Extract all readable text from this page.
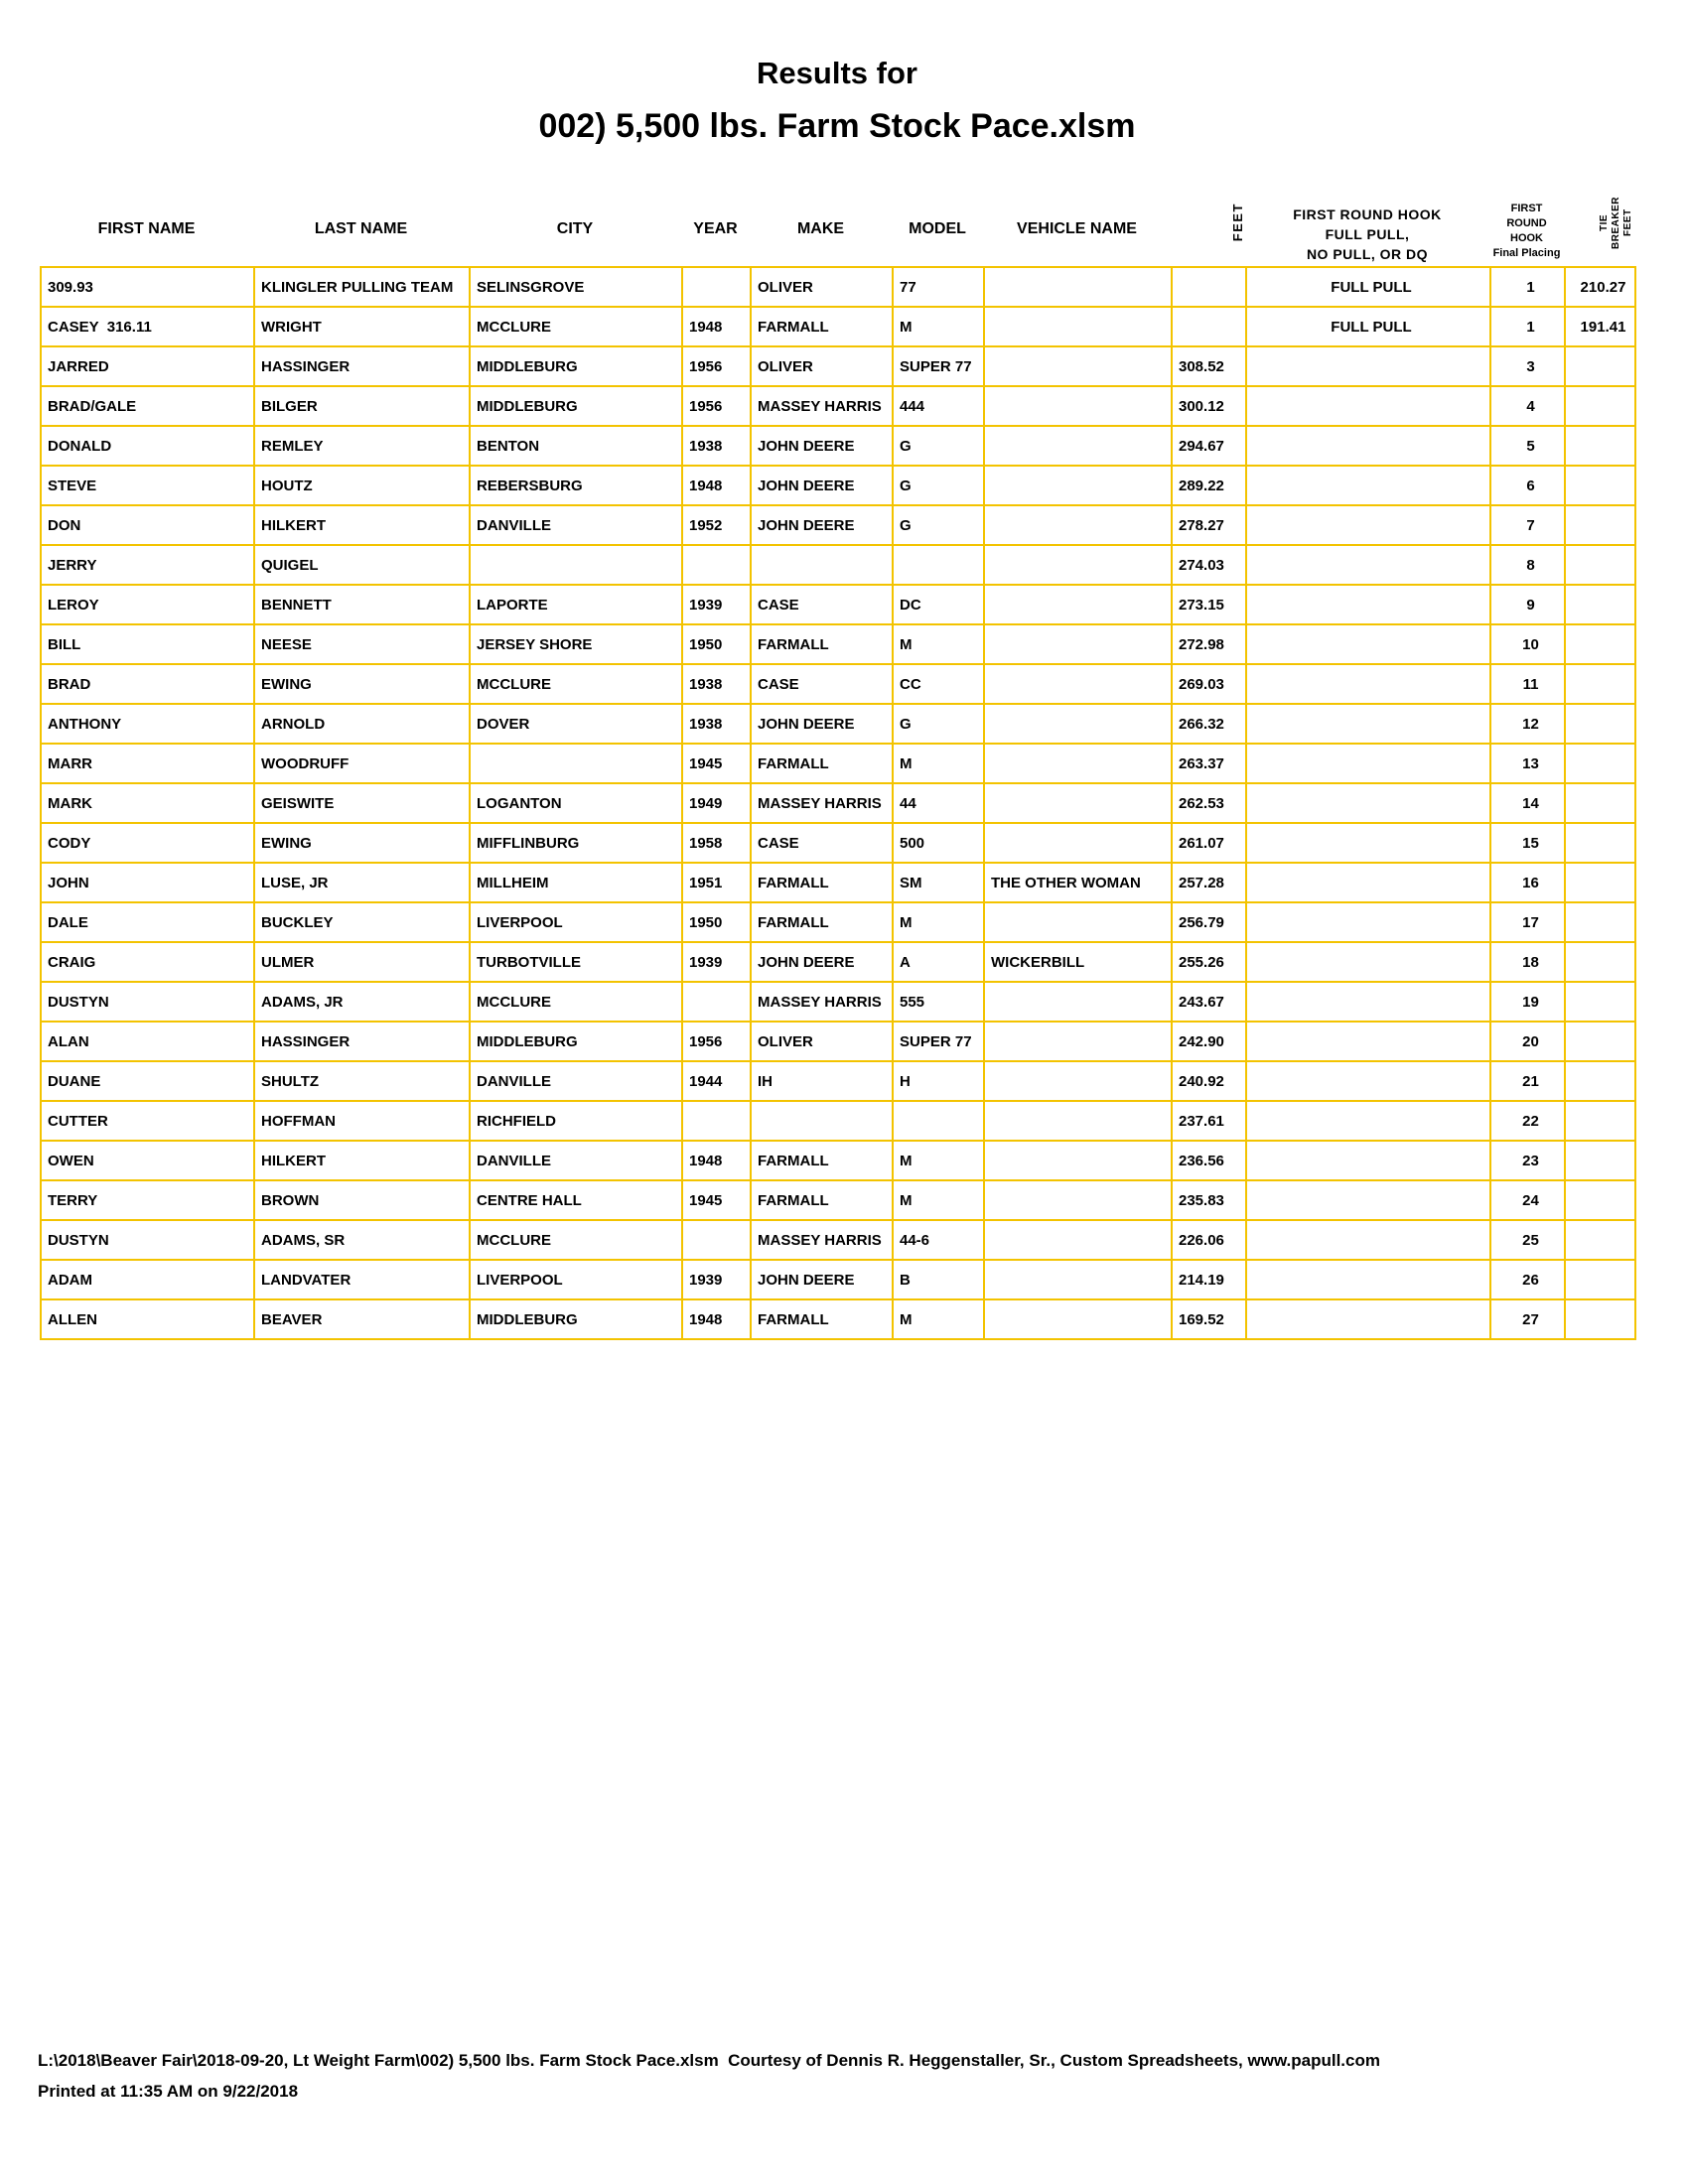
Results for
002) 5,500 lbs. Farm Stock Pace.xlsm
FIRST NAME	LAST NAME	CITY	YEAR	MAKE	MODEL	VEHICLE NAME	FEET	FIRST ROUND HOOK
FULL PULL,
NO PULL, OR DQ
FIRST ROUND
HOOK
Final Placing
TIE
BREAKER
FEET
309.93	KLINGLER PULLING TEAM	SELINSGROVE		OLIVER	77			FULL PULL	1	210.27
CASEY  316.11	WRIGHT	MCCLURE	1948	FARMALL	M			FULL PULL	1	191.41
JARRED	HASSINGER	MIDDLEBURG	1956	OLIVER	SUPER 77		308.52		3	
BRAD/GALE	BILGER	MIDDLEBURG	1956	MASSEY HARRIS	444		300.12		4	
DONALD	REMLEY	BENTON	1938	JOHN DEERE	G		294.67		5	
STEVE	HOUTZ	REBERSBURG	1948	JOHN DEERE	G		289.22		6	
DON	HILKERT	DANVILLE	1952	JOHN DEERE	G		278.27		7	
JERRY	QUIGEL						274.03		8	
LEROY	BENNETT	LAPORTE	1939	CASE	DC		273.15		9	
BILL	NEESE	JERSEY SHORE	1950	FARMALL	M		272.98		10	
BRAD	EWING	MCCLURE	1938	CASE	CC		269.03		11	
ANTHONY	ARNOLD	DOVER	1938	JOHN DEERE	G		266.32		12	
MARR	WOODRUFF		1945	FARMALL	M		263.37		13	
MARK	GEISWITE	LOGANTON	1949	MASSEY HARRIS	44		262.53		14	
CODY	EWING	MIFFLINBURG	1958	CASE	500		261.07		15	
JOHN	LUSE, JR	MILLHEIM	1951	FARMALL	SM	THE OTHER WOMAN	257.28		16	
DALE	BUCKLEY	LIVERPOOL	1950	FARMALL	M		256.79		17	
CRAIG	ULMER	TURBOTVILLE	1939	JOHN DEERE	A	WICKERBILL	255.26		18	
DUSTYN	ADAMS, JR	MCCLURE		MASSEY HARRIS	555		243.67		19	
ALAN	HASSINGER	MIDDLEBURG	1956	OLIVER	SUPER 77		242.90		20	
DUANE	SHULTZ	DANVILLE	1944	IH	H		240.92		21	
CUTTER	HOFFMAN	RICHFIELD					237.61		22	
OWEN	HILKERT	DANVILLE	1948	FARMALL	M		236.56		23	
TERRY	BROWN	CENTRE HALL	1945	FARMALL	M		235.83		24	
DUSTYN	ADAMS, SR	MCCLURE		MASSEY HARRIS	44-6		226.06		25	
ADAM	LANDVATER	LIVERPOOL	1939	JOHN DEERE	B		214.19		26	
ALLEN	BEAVER	MIDDLEBURG	1948	FARMALL	M		169.52		27	
L:\2018\Beaver Fair\2018-09-20, Lt Weight Farm\002) 5,500 lbs. Farm Stock Pace.xlsm  Courtesy of Dennis R. Heggenstaller, Sr., Custom Spreadsheets, www.papull.com
Printed at 11:35 AM on 9/22/2018
